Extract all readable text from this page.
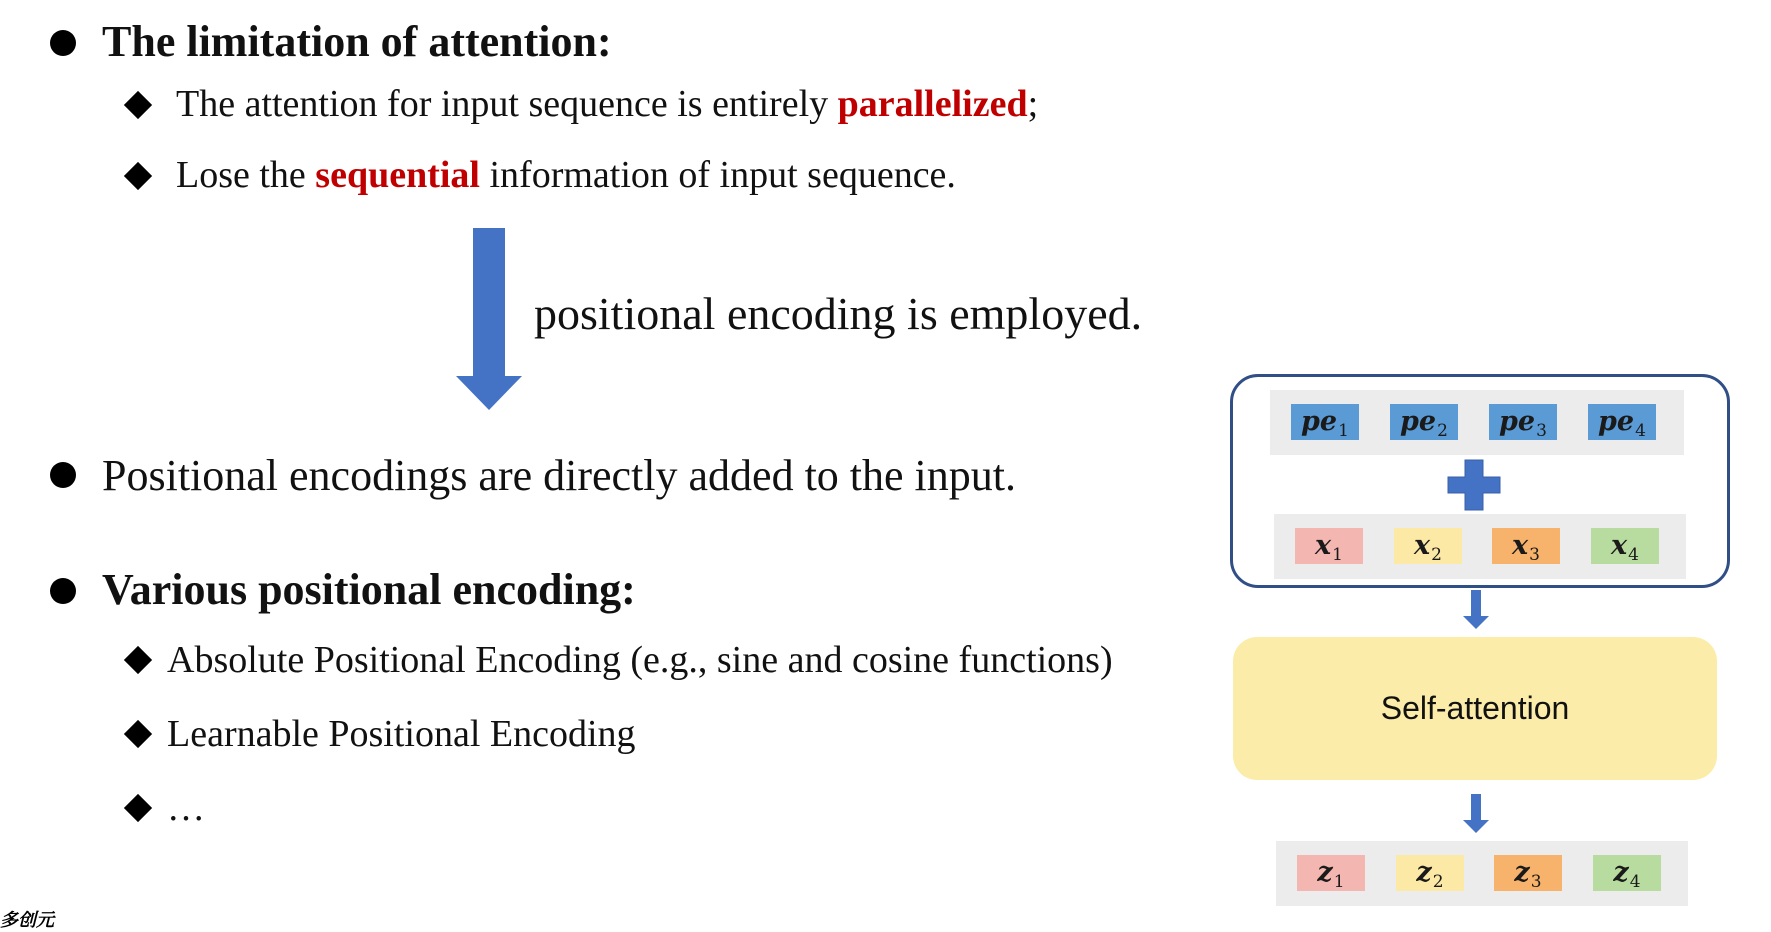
The limitation of attention:
The attention for input sequence is entirely parallelized;
Lose the sequential information of input sequence.
positional encoding is employed.
Positional encodings are directly added to the input.
Various positional encoding:
Absolute Positional Encoding (e.g., sine and cosine functions)
Learnable Positional Encoding
…
$pe_1$	$pe_2$	$pe_3$	$pe_4$
$x_1$	$x_2$	$x_3$	$x_4$
Self-attention
$z_1$	$z_2$	$z_3$	$z_4$
多创元
